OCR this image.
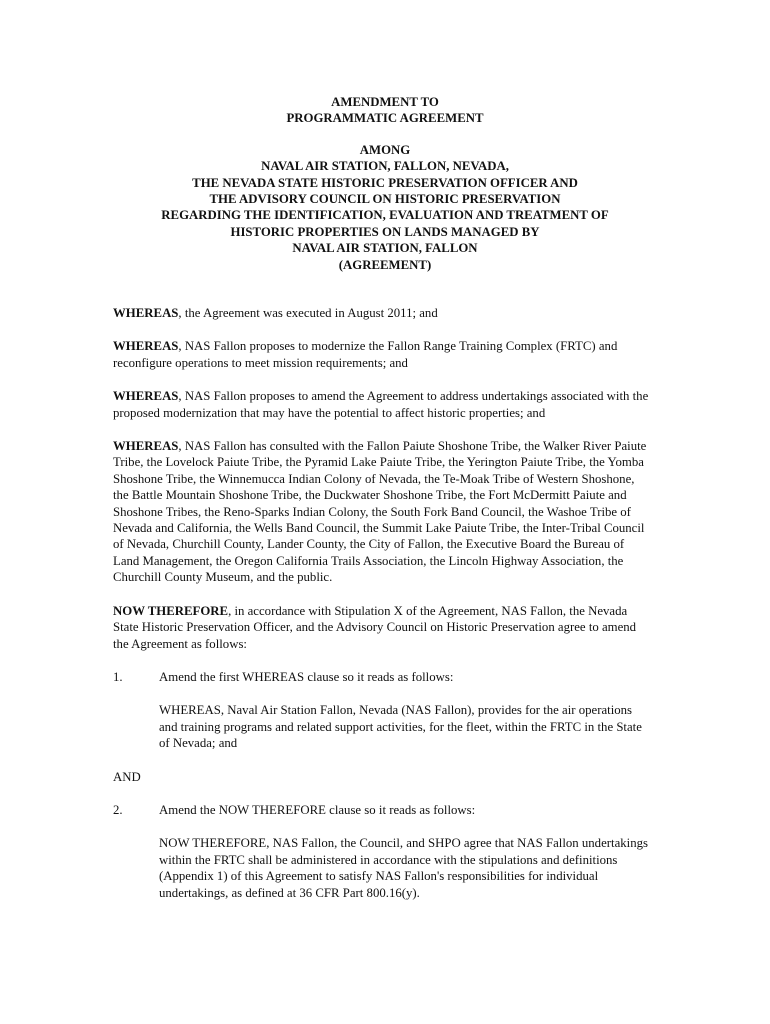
AMENDMENT TO
PROGRAMMATIC AGREEMENT
AMONG
NAVAL AIR STATION, FALLON, NEVADA,
THE NEVADA STATE HISTORIC PRESERVATION OFFICER AND
THE ADVISORY COUNCIL ON HISTORIC PRESERVATION
REGARDING THE IDENTIFICATION, EVALUATION AND TREATMENT OF
HISTORIC PROPERTIES ON LANDS MANAGED BY
NAVAL AIR STATION, FALLON
(AGREEMENT)

WHEREAS, the Agreement was executed in August 2011; and

WHEREAS, NAS Fallon proposes to modernize the Fallon Range Training Complex (FRTC) and reconfigure operations to meet mission requirements; and

WHEREAS, NAS Fallon proposes to amend the Agreement to address undertakings associated with the proposed modernization that may have the potential to affect historic properties; and

WHEREAS, NAS Fallon has consulted with the Fallon Paiute Shoshone Tribe, the Walker River Paiute Tribe, the Lovelock Paiute Tribe, the Pyramid Lake Paiute Tribe, the Yerington Paiute Tribe, the Yomba Shoshone Tribe, the Winnemucca Indian Colony of Nevada, the Te-Moak Tribe of Western Shoshone, the Battle Mountain Shoshone Tribe, the Duckwater Shoshone Tribe, the Fort McDermitt Paiute and Shoshone Tribes, the Reno-Sparks Indian Colony, the South Fork Band Council, the Washoe Tribe of Nevada and California, the Wells Band Council, the Summit Lake Paiute Tribe, the Inter-Tribal Council of Nevada, Churchill County, Lander County, the City of Fallon, the Executive Board the Bureau of Land Management, the Oregon California Trails Association, the Lincoln Highway Association, the Churchill County Museum, and the public.

NOW THEREFORE, in accordance with Stipulation X of the Agreement, NAS Fallon, the Nevada State Historic Preservation Officer, and the Advisory Council on Historic Preservation agree to amend the Agreement as follows:

1.	Amend the first WHEREAS clause so it reads as follows:
WHEREAS, Naval Air Station Fallon, Nevada (NAS Fallon), provides for the air operations and training programs and related support activities, for the fleet, within the FRTC in the State of Nevada; and
AND
2.	Amend the NOW THEREFORE clause so it reads as follows:
NOW THEREFORE, NAS Fallon, the Council, and SHPO agree that NAS Fallon undertakings within the FRTC shall be administered in accordance with the stipulations and definitions (Appendix 1) of this Agreement to satisfy NAS Fallon's responsibilities for individual undertakings, as defined at 36 CFR Part 800.16(y).
